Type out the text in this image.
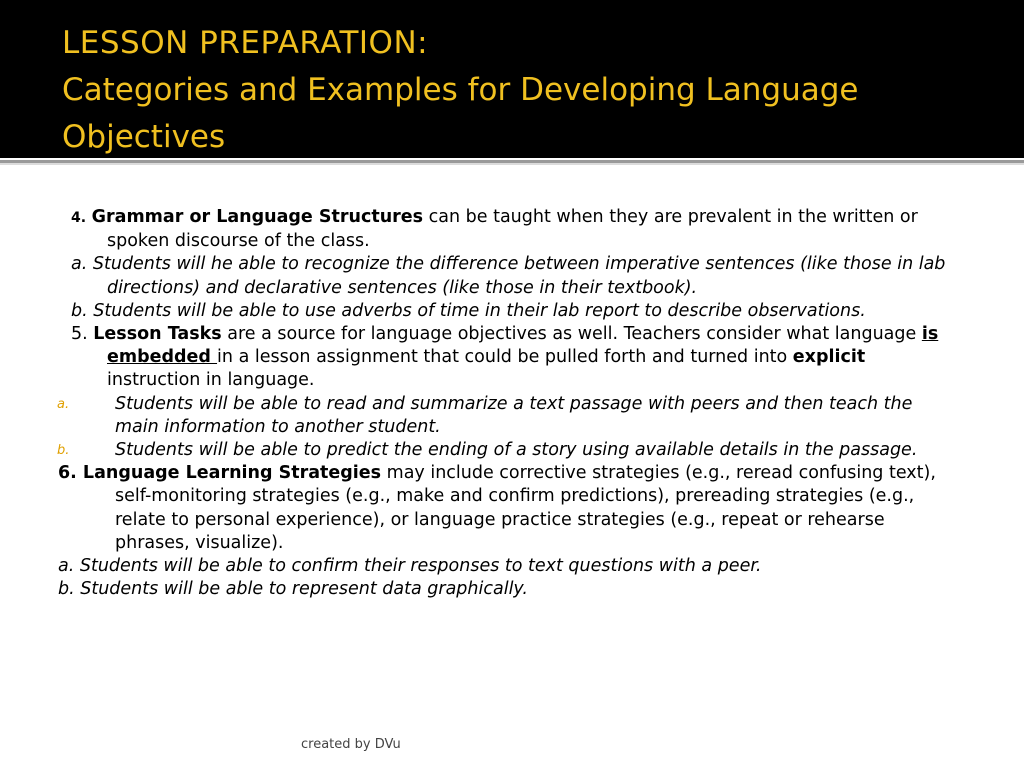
LESSON PREPARATION:
Categories and Examples for Developing Language Objectives

4. Grammar or Language Structures can be taught when they are prevalent in the written or spoken discourse of the class.

a. Students will he able to recognize the difference between imperative sentences (like those in lab directions) and declarative sentences (like those in their textbook).

b. Students will be able to use adverbs of time in their lab report to describe observations.

5. Lesson Tasks are a source for language objectives as well. Teachers consider what language is embedded in a lesson assignment that could be pulled forth and turned into explicit instruction in language.

a.	Students will be able to read and summarize a text passage with peers and then teach the main information to another student.

b.	Students will be able to predict the ending of a story using available details in the passage.

6. Language Learning Strategies may include corrective strategies (e.g., reread confusing text), self-monitoring strategies (e.g., make and confirm predictions), prereading strategies (e.g., relate to personal experience), or language practice strategies (e.g., repeat or rehearse phrases, visualize).

a. Students will be able to confirm their responses to text questions with a peer.

b. Students will be able to represent data graphically.

created by DVu
